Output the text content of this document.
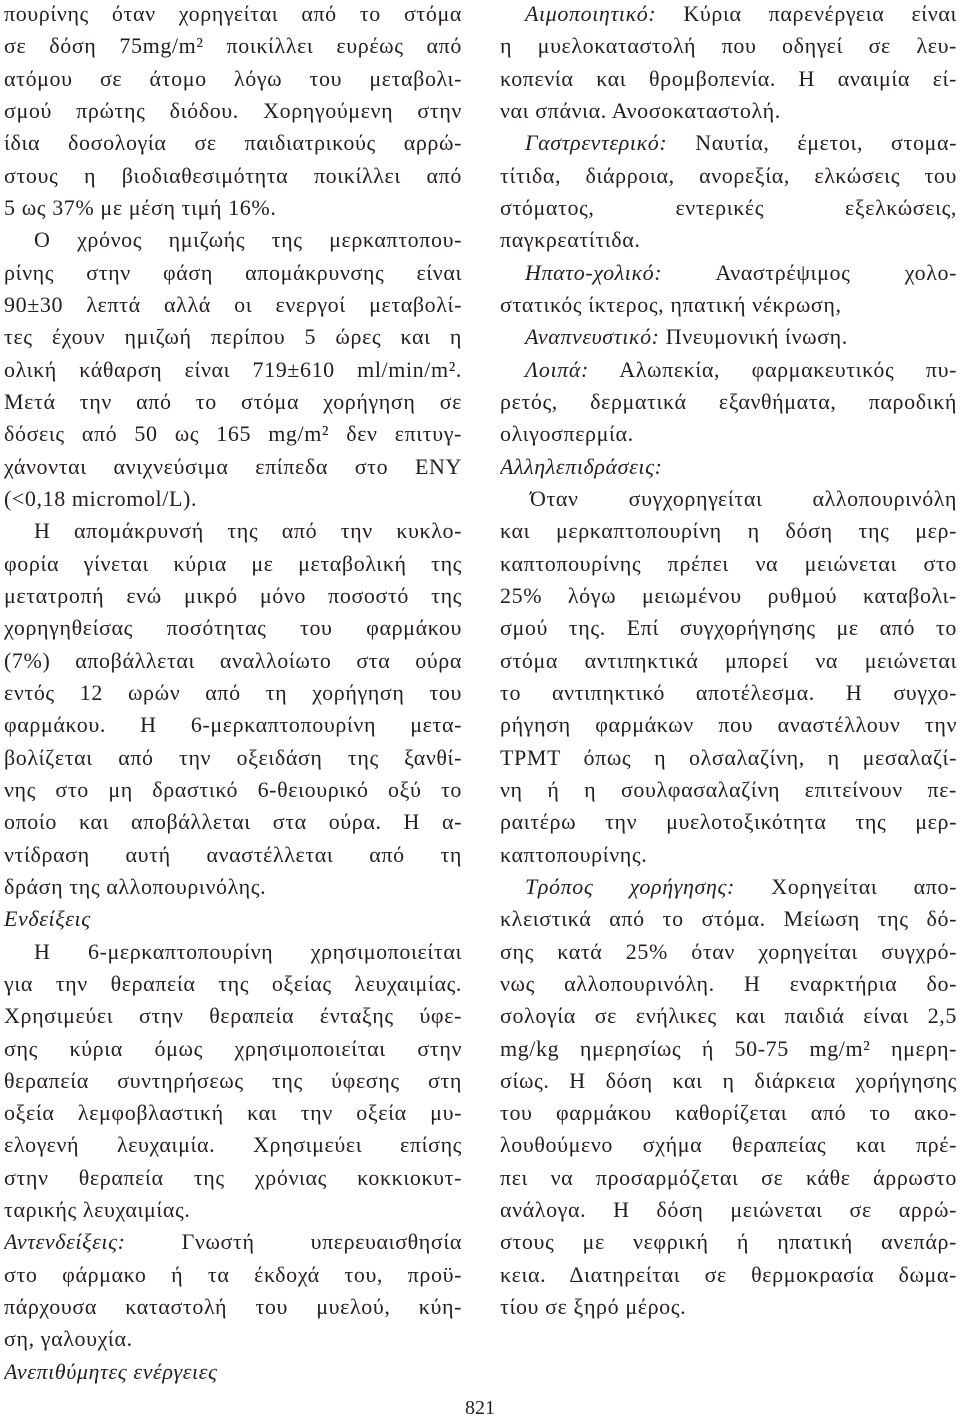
πουρίνης όταν χορηγείται από το στόμα
σε δόση 75mg/m² ποικίλλει ευρέως από
ατόμου σε άτομο λόγω του μεταβολι-
σμού πρώτης διόδου. Χορηγούμενη στην
ίδια δοσολογία σε παιδιατρικούς αρρώ-
στους η βιοδιαθεσιμότητα ποικίλλει από
5 ως 37% με μέση τιμή 16%.
Ο χρόνος ημιζωής της μερκαπτοπου-
ρίνης στην φάση απομάκρυνσης είναι
90±30 λεπτά αλλά οι ενεργοί μεταβολί-
τες έχουν ημιζωή περίπου 5 ώρες και η
ολική κάθαρση είναι 719±610 ml/min/m².
Μετά την από το στόμα χορήγηση σε
δόσεις από 50 ως 165 mg/m² δεν επιτυγ-
χάνονται ανιχνεύσιμα επίπεδα στο ΕΝΥ
(<0,18 micromol/L).
Η απομάκρυνσή της από την κυκλο-
φορία γίνεται κύρια με μεταβολική της
μετατροπή ενώ μικρό μόνο ποσοστό της
χορηγηθείσας ποσότητας του φαρμάκου
(7%) αποβάλλεται αναλλοίωτο στα ούρα
εντός 12 ωρών από τη χορήγηση του
φαρμάκου. Η 6-μερκαπτοπουρίνη μετα-
βολίζεται από την οξειδάση της ξανθί-
νης στο μη δραστικό 6-θειουρικό οξύ το
οποίο και αποβάλλεται στα ούρα. Η α-
ντίδραση αυτή αναστέλλεται από τη
δράση της αλλοπουρινόλης.
Ενδείξεις
Η 6-μερκαπτοπουρίνη χρησιμοποιείται
για την θεραπεία της οξείας λευχαιμίας.
Χρησιμεύει στην θεραπεία ένταξης ύφε-
σης κύρια όμως χρησιμοποιείται στην
θεραπεία συντηρήσεως της ύφεσης στη
οξεία λεμφοβλαστική και την οξεία μυ-
ελογενή λευχαιμία. Χρησιμεύει επίσης
στην θεραπεία της χρόνιας κοκκιοκυτ-
ταρικής λευχαιμίας.
Αντενδείξεις:	Γνωστή υπερευαισθησία
στο φάρμακο ή τα έκδοχά του, προϋ-
πάρχουσα καταστολή του μυελού, κύη-
ση, γαλουχία.
Ανεπιθύμητες ενέργειες
Αιμοποιητικό: Κύρια παρενέργεια είναι
η μυελοκαταστολή που οδηγεί σε λευ-
κοπενία και θρομβοπενία. Η αναιμία εί-
ναι σπάνια. Ανοσοκαταστολή.
Γαστρεντερικό: Ναυτία, έμετοι, στομα-
τίτιδα, διάρροια, ανορεξία, ελκώσεις του
στόματος, εντερικές εξελκώσεις,
παγκρεατίτιδα.
Ηπατο-χολικό: Αναστρέψιμος χολο-
στατικός ίκτερος, ηπατική νέκρωση,
Αναπνευστικό: Πνευμονική ίνωση.
Λοιπά: Αλωπεκία, φαρμακευτικός πυ-
ρετός, δερματικά εξανθήματα, παροδική
ολιγοσπερμία.
Αλληλεπιδράσεις:
Όταν συγχορηγείται αλλοπουρινόλη
και μερκαπτοπουρίνη η δόση της μερ-
καπτοπουρίνης πρέπει να μειώνεται στο
25% λόγω μειωμένου ρυθμού καταβολι-
σμού της. Επί συγχορήγησης με από το
στόμα αντιπηκτικά μπορεί να μειώνεται
το αντιπηκτικό αποτέλεσμα. Η συγχο-
ρήγηση φαρμάκων που αναστέλλουν την
TPMT όπως η ολσαλαζίνη, η μεσαλαζί-
νη ή η σουλφασαλαζίνη επιτείνουν πε-
ραιτέρω την μυελοτοξικότητα της μερ-
καπτοπουρίνης.
Τρόπος χορήγησης: Χορηγείται απο-
κλειστικά από το στόμα. Μείωση της δό-
σης κατά 25% όταν χορηγείται συγχρό-
νως αλλοπουρινόλη. Η εναρκτήρια δο-
σολογία σε ενήλικες και παιδιά είναι 2,5
mg/kg ημερησίως ή 50-75 mg/m² ημερη-
σίως. Η δόση και η διάρκεια χορήγησης
του φαρμάκου καθορίζεται από το ακο-
λουθούμενο σχήμα θεραπείας και πρέ-
πει να προσαρμόζεται σε κάθε άρρωστο
ανάλογα. Η δόση μειώνεται σε αρρώ-
στους με νεφρική ή ηπατική ανεπάρ-
κεια. Διατηρείται σε θερμοκρασία δωμα-
τίου σε ξηρό μέρος.
821
